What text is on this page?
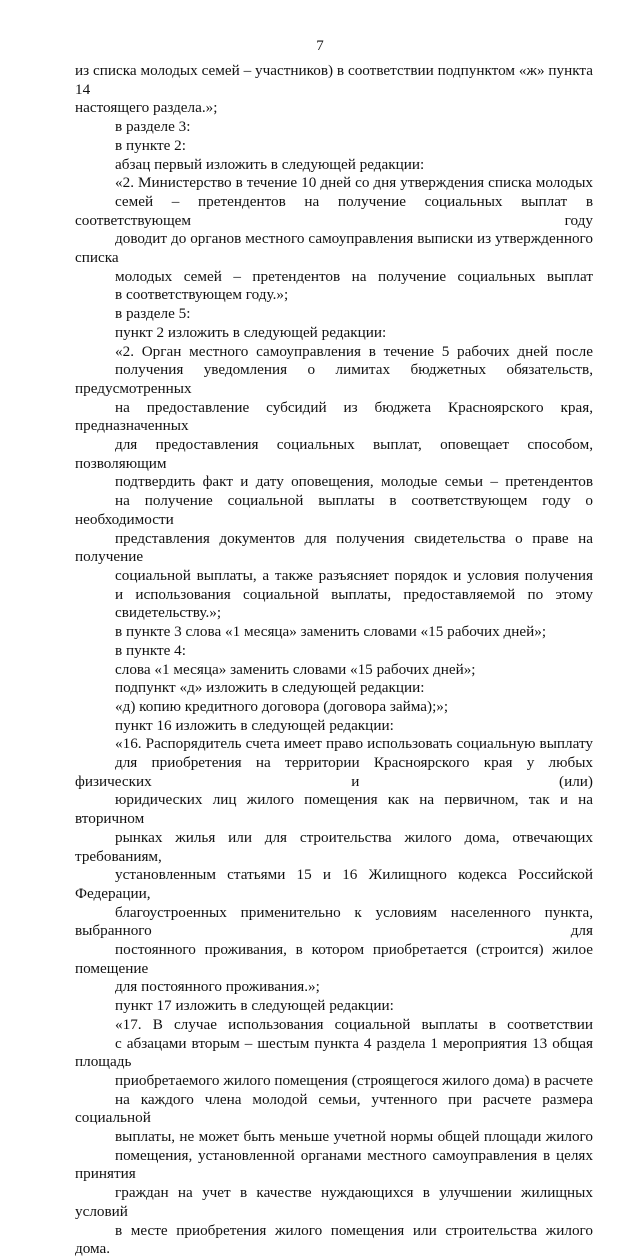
7
из списка молодых семей – участников) в соответствии подпунктом «ж» пункта 14
настоящего раздела.»;
в разделе 3:
в пункте 2:
абзац первый изложить в следующей редакции:
«2. Министерство в течение 10 дней со дня утверждения списка молодых
семей – претендентов на получение социальных выплат в соответствующем году
доводит до органов местного самоуправления выписки из утвержденного списка
молодых семей – претендентов на получение социальных выплат
в соответствующем году.»;
в разделе 5:
пункт 2 изложить в следующей редакции:
«2. Орган местного самоуправления в течение 5 рабочих дней после
получения уведомления о лимитах бюджетных обязательств, предусмотренных
на предоставление субсидий из бюджета Красноярского края, предназначенных
для предоставления социальных выплат, оповещает способом, позволяющим
подтвердить факт и дату оповещения, молодые семьи – претендентов
на получение социальной выплаты в соответствующем году о необходимости
представления документов для получения свидетельства о праве на получение
социальной выплаты, а также разъясняет порядок и условия получения
и использования социальной выплаты, предоставляемой по этому
свидетельству.»;
в пункте 3 слова «1 месяца» заменить словами «15 рабочих дней»;
в пункте 4:
слова «1 месяца» заменить словами «15 рабочих дней»;
подпункт «д» изложить в следующей редакции:
«д) копию кредитного договора (договора займа);»;
пункт 16 изложить в следующей редакции:
«16. Распорядитель счета имеет право использовать социальную выплату
для приобретения на территории Красноярского края у любых физических и (или)
юридических лиц жилого помещения как на первичном, так и на вторичном
рынках жилья или для строительства жилого дома, отвечающих требованиям,
установленным статьями 15 и 16 Жилищного кодекса Российской Федерации,
благоустроенных применительно к условиям населенного пункта, выбранного для
постоянного проживания, в котором приобретается (строится) жилое помещение
для постоянного проживания.»;
пункт 17 изложить в следующей редакции:
«17. В случае использования социальной выплаты в соответствии
с абзацами вторым – шестым пункта 4 раздела 1 мероприятия 13 общая площадь
приобретаемого жилого помещения (строящегося жилого дома) в расчете
на каждого члена молодой семьи, учтенного при расчете размера социальной
выплаты, не может быть меньше учетной нормы общей площади жилого
помещения, установленной органами местного самоуправления в целях принятия
граждан на учет в качестве нуждающихся в улучшении жилищных условий
в месте приобретения жилого помещения или строительства жилого дома.
